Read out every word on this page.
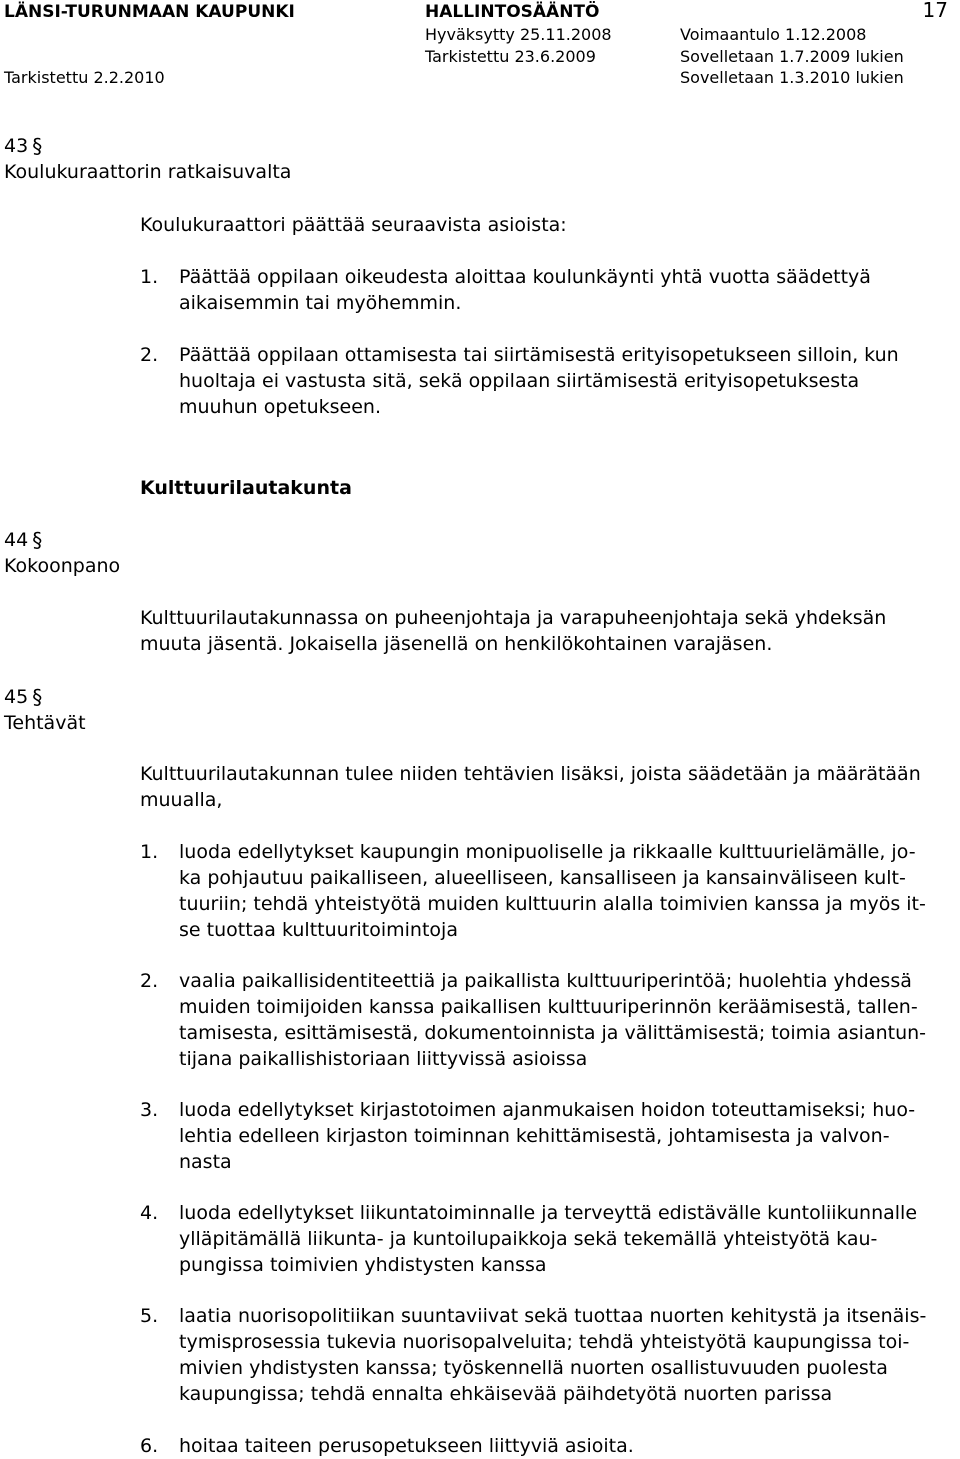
LÄNSI-TURUNMAAN KAUPUNKI	HALLINTOSÄÄNTÖ	17
Hyväksytty 25.11.2008	Voimaantulo 1.12.2008
Tarkistettu 23.6.2009	Sovelletaan 1.7.2009 lukien
Tarkistettu 2.2.2010	Sovelletaan 1.3.2010 lukien
43 §
Koulukuraattorin ratkaisuvalta
Koulukuraattori päättää seuraavista asioista:
1. Päättää oppilaan oikeudesta aloittaa koulunkäynti yhtä vuotta säädettyä
aikaisemmin tai myöhemmin.
2. Päättää oppilaan ottamisesta tai siirtämisestä erityisopetukseen silloin, kun
huoltaja ei vastusta sitä, sekä oppilaan siirtämisestä erityisopetuksesta
muuhun opetukseen.
Kulttuurilautakunta
44 §
Kokoonpano
Kulttuurilautakunnassa on puheenjohtaja ja varapuheenjohtaja sekä yhdeksän
muuta jäsentä. Jokaisella jäsenellä on henkilökohtainen varajäsen.
45 §
Tehtävät
Kulttuurilautakunnan tulee niiden tehtävien lisäksi, joista säädetään ja määrätään
muualla,
1. luoda edellytykset kaupungin monipuoliselle ja rikkaalle kulttuurielämälle, jo-
ka pohjautuu paikalliseen, alueelliseen, kansalliseen ja kansainväliseen kult-
tuuriin; tehdä yhteistyötä muiden kulttuurin alalla toimivien kanssa ja myös it-
se tuottaa kulttuuritoimintoja
2. vaalia paikallisidentiteettiä ja paikallista kulttuuriperintöä; huolehtia yhdessä
muiden toimijoiden kanssa paikallisen kulttuuriperinnön keräämisestä, tallen-
tamisesta, esittämisestä, dokumentoinnista ja välittämisestä; toimia asiantun-
tijana paikallishistoriaan liittyvissä asioissa
3. luoda edellytykset kirjastotoimen ajanmukaisen hoidon toteuttamiseksi; huo-
lehtia edelleen kirjaston toiminnan kehittämisestä, johtamisesta ja valvon-
nasta
4. luoda edellytykset liikuntatoiminnalle ja terveyttä edistävälle kuntoliikunnalle
ylläpitämällä liikunta- ja kuntoilupaikkoja sekä tekemällä yhteistyötä kau-
pungissa toimivien yhdistysten kanssa
5. laatia nuorisopolitiikan suuntaviivat sekä tuottaa nuorten kehitystä ja itsenäis-
tymisprosessia tukevia nuorisopalveluita; tehdä yhteistyötä kaupungissa toi-
mivien yhdistysten kanssa; työskennellä nuorten osallistuvuuden puolesta
kaupungissa; tehdä ennalta ehkäisevää päihdetyötä nuorten parissa
6. hoitaa taiteen perusopetukseen liittyviä asioita.
